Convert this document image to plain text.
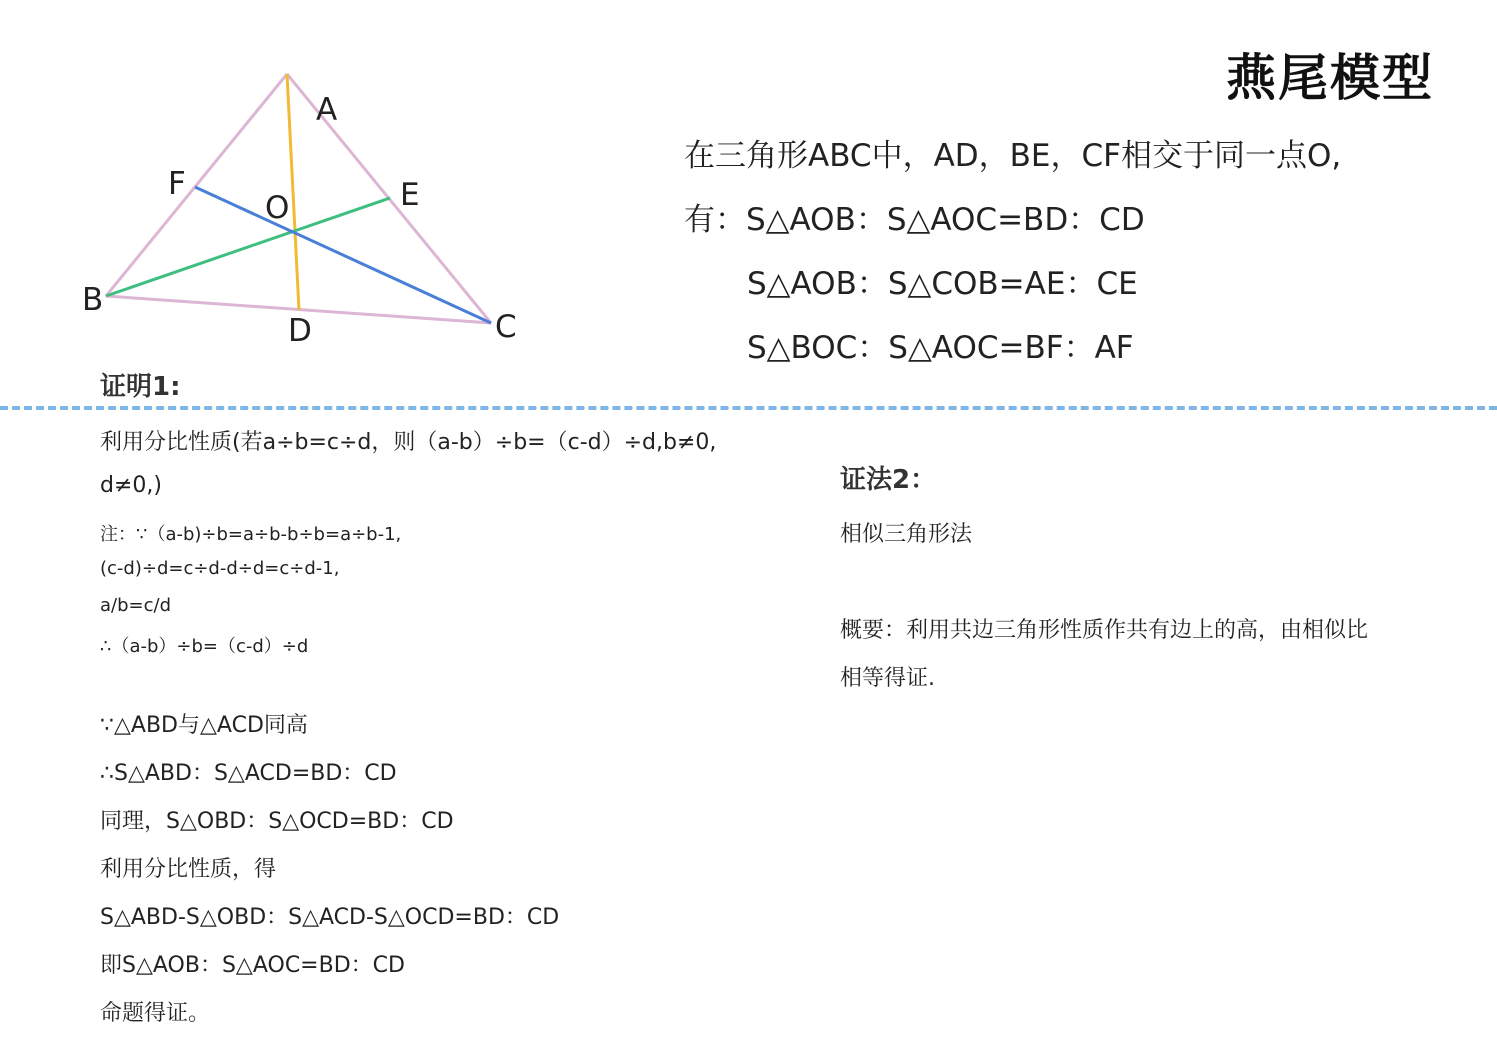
A
F	E
O
B
D	C
燕尾模型
在三角形ABC中，AD，BE，CF相交于同一点O,
有：S△AOB：S△AOC=BD：CD
S△AOB：S△COB=AE：CE
S△BOC：S△AOC=BF：AF
证明1:
利用分比性质(若a÷b=c÷d，则（a-b）÷b=（c-d）÷d,b≠0,
d≠0,)
注：∵（a-b)÷b=a÷b-b÷b=a÷b-1,
(c-d)÷d=c÷d-d÷d=c÷d-1,
a/b=c/d
∴（a-b）÷b=（c-d）÷d
∵△ABD与△ACD同高
∴S△ABD：S△ACD=BD：CD
同理，S△OBD：S△OCD=BD：CD
利用分比性质，得
S△ABD-S△OBD：S△ACD-S△OCD=BD：CD
即S△AOB：S△AOC=BD：CD
命题得证。
证法2：
相似三角形法
概要：利用共边三角形性质作共有边上的高，由相似比
相等得证.
